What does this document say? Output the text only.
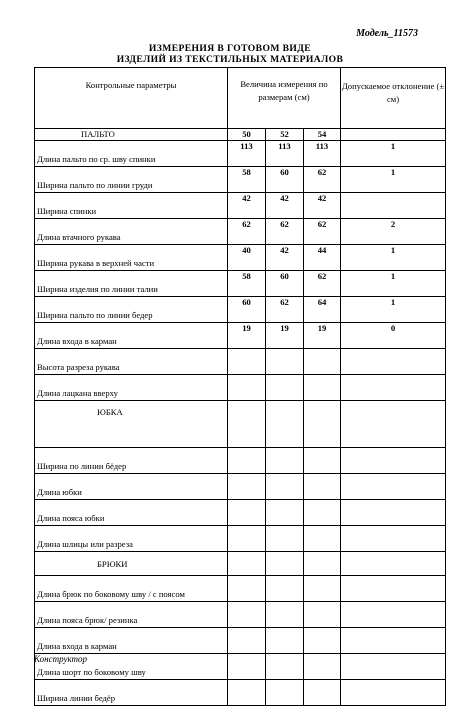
Модель_11573
ИЗМЕРЕНИЯ В ГОТОВОМ ВИДЕ
ИЗДЕЛИЙ ИЗ ТЕКСТИЛЬНЫХ МАТЕРИАЛОВ
Контрольные параметры	Величина измерения по размерам (см)			Допускаемое отклонение (± см)
ПАЛЬТО	50	52	54	
Длина пальто по ср. шву спинки	113	113	113	1
Ширина пальто по линии груди	58	60	62	1
Ширина спинки	42	42	42	
Длина втачного рукава	62	62	62	2
Ширина рукава в верхней части	40	42	44	1
Ширина изделия по линии талии	58	60	62	1
Ширина пальто по линии бедер	60	62	64	1
Длина входа в карман	19	19	19	0
Высота разреза рукава				
Длина лацкана вверху				
ЮБКА				
Ширина по линии бёдер				
Длина юбки				
Длина пояса юбки				
Длина шлицы или разреза				
БРЮКИ				
Длина брюк по боковому шву / с поясом				
Длина пояса брюк/ резинка				
Длина входа в карман				
Длина шорт по боковому шву				
Ширина линии бедёр				
Конструктор
